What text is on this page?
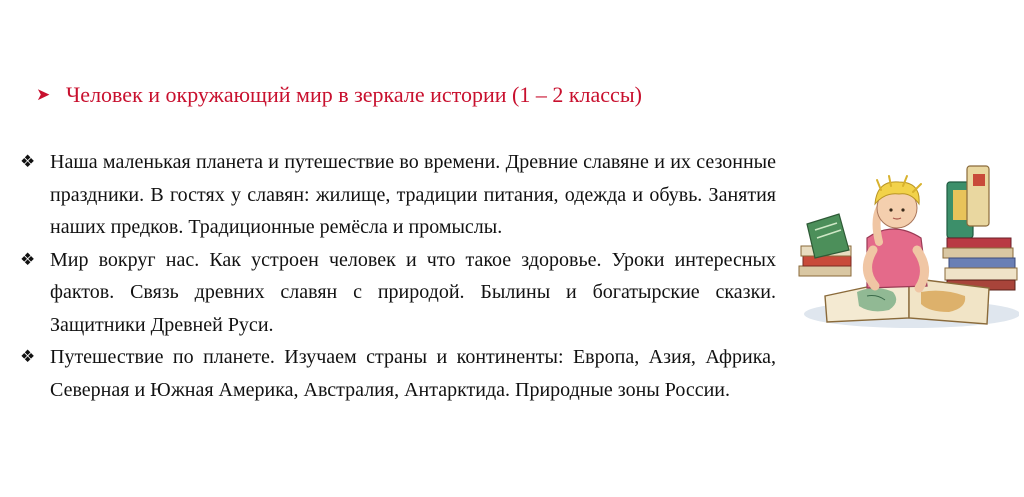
➤ Человек и окружающий мир в зеркале истории (1 – 2 классы)
❖ Наша маленькая планета и путешествие во времени. Древние славяне и их сезонные праздники. В гостях у славян: жилище, традиции питания, одежда и обувь. Занятия наших предков. Традиционные ремёсла и промыслы.
❖ Мир вокруг нас. Как устроен человек и что такое здоровье. Уроки интересных фактов. Связь древних славян с природой. Былины и богатырские сказки. Защитники Древней Руси.
❖ Путешествие по планете. Изучаем страны и континенты: Европа, Азия, Африка, Северная и Южная Америка, Австралия, Антарктида. Природные зоны России.
